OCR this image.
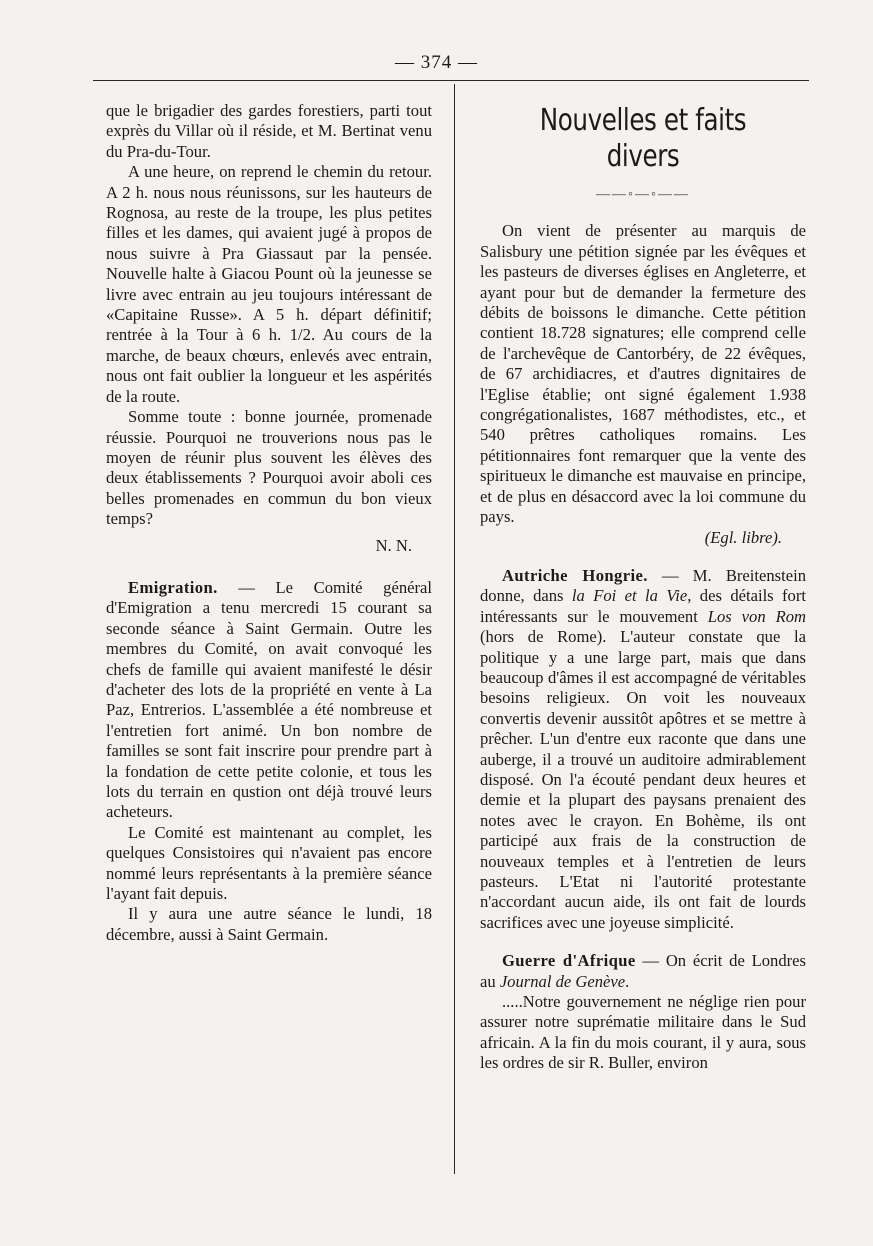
— 374 —

que le brigadier des gardes forestiers, parti tout exprès du Villar où il réside, et M. Bertinat venu du Pra-du-Tour.

A une heure, on reprend le chemin du retour. A 2 h. nous nous réunissons, sur les hauteurs de Rognosa, au reste de la troupe, les plus petites filles et les dames, qui avaient jugé à propos de nous suivre à Pra Giassaut par la pensée. Nouvelle halte à Giacou Pount où la jeunesse se livre avec entrain au jeu toujours intéressant de «Capitaine Russe». A 5 h. départ définitif; rentrée à la Tour à 6 h. 1/2. Au cours de la marche, de beaux chœurs, enlevés avec entrain, nous ont fait oublier la longueur et les aspérités de la route.

Somme toute : bonne journée, promenade réussie. Pourquoi ne trouverions nous pas le moyen de réunir plus souvent les élèves des deux établissements ? Pourquoi avoir aboli ces belles promenades en commun du bon vieux temps?

N. N.

Emigration. — Le Comité général d'Emigration a tenu mercredi 15 courant sa seconde séance à Saint Germain. Outre les membres du Comité, on avait convoqué les chefs de famille qui avaient manifesté le désir d'acheter des lots de la propriété en vente à La Paz, Entrerios. L'assemblée a été nombreuse et l'entretien fort animé. Un bon nombre de familles se sont fait inscrire pour prendre part à la fondation de cette petite colonie, et tous les lots du terrain en qustion ont déjà trouvé leurs acheteurs.

Le Comité est maintenant au complet, les quelques Consistoires qui n'avaient pas encore nommé leurs représentants à la première séance l'ayant fait depuis.

Il y aura une autre séance le lundi, 18 décembre, aussi à Saint Germain.

Nouvelles et faits divers
——◦—◦——

On vient de présenter au marquis de Salisbury une pétition signée par les évêques et les pasteurs de diverses églises en Angleterre, et ayant pour but de demander la fermeture des débits de boissons le dimanche. Cette pétition contient 18.728 signatures; elle comprend celle de l'archevêque de Cantorbéry, de 22 évêques, de 67 archidiacres, et d'autres dignitaires de l'Eglise établie; ont signé également 1.938 congrégationalistes, 1687 méthodistes, etc., et 540 prêtres catholiques romains. Les pétitionnaires font remarquer que la vente des spiritueux le dimanche est mauvaise en principe, et de plus en désaccord avec la loi commune du pays.

(Egl. libre).

Autriche Hongrie. — M. Breitenstein donne, dans la Foi et la Vie, des détails fort intéressants sur le mouvement Los von Rom (hors de Rome). L'auteur constate que la politique y a une large part, mais que dans beaucoup d'âmes il est accompagné de véritables besoins religieux. On voit les nouveaux convertis devenir aussitôt apôtres et se mettre à prêcher. L'un d'entre eux raconte que dans une auberge, il a trouvé un auditoire admirablement disposé. On l'a écouté pendant deux heures et demie et la plupart des paysans prenaient des notes avec le crayon. En Bohème, ils ont participé aux frais de la construction de nouveaux temples et à l'entretien de leurs pasteurs. L'Etat ni l'autorité protestante n'accordant aucun aide, ils ont fait de lourds sacrifices avec une joyeuse simplicité.

Guerre d'Afrique — On écrit de Londres au Journal de Genève.

.....Notre gouvernement ne néglige rien pour assurer notre suprématie militaire dans le Sud africain. A la fin du mois courant, il y aura, sous les ordres de sir R. Buller, environ
